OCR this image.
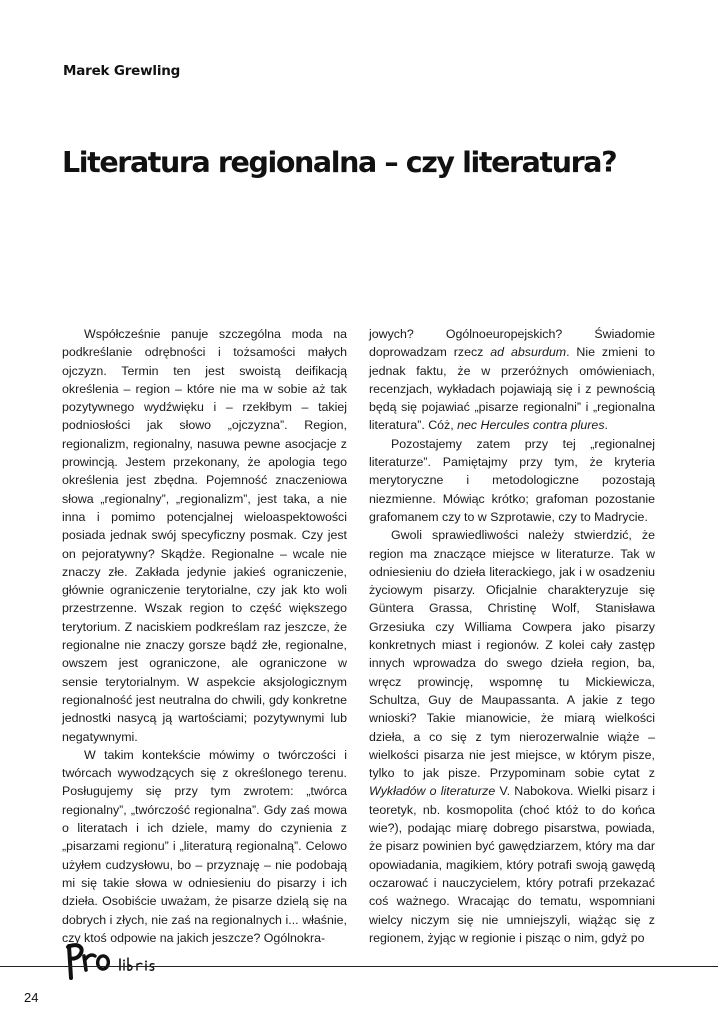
Marek Grewling
Literatura regionalna – czy literatura?

Współcześnie panuje szczególna moda na podkreślanie odrębności i tożsamości małych ojczyzn. Termin ten jest swoistą deifikacją określenia – region – które nie ma w sobie aż tak pozytywnego wydźwięku i – rzekłbym – takiej podniosłości jak słowo „ojczyzna”. Region, regionalizm, regionalny, nasuwa pewne asocjacje z prowincją. Jestem przekonany, że apologia tego określenia jest zbędna. Pojemność znaczeniowa słowa „regionalny”, „regionalizm”, jest taka, a nie inna i pomimo potencjalnej wieloaspektowości posiada jednak swój specyficzny posmak. Czy jest on pejoratywny? Skądże. Regionalne – wcale nie znaczy złe. Zakłada jedynie jakieś ograniczenie, głównie ograniczenie terytorialne, czy jak kto woli przestrzenne. Wszak region to część większego terytorium. Z naciskiem podkreślam raz jeszcze, że regionalne nie znaczy gorsze bądź złe, regionalne, owszem jest ograniczone, ale ograniczone w sensie terytorialnym. W aspekcie aksjologicznym regionalność jest neutralna do chwili, gdy konkretne jednostki nasycą ją wartościami; pozytywnymi lub negatywnymi.

W takim kontekście mówimy o twórczości i twórcach wywodzących się z określonego terenu. Posługujemy się przy tym zwrotem: „twórca regionalny”, „twórczość regionalna”. Gdy zaś mowa o literatach i ich dziele, mamy do czynienia z „pisarzami regionu” i „literaturą regionalną”. Celowo użyłem cudzysłowu, bo – przyznaję – nie podobają mi się takie słowa w odniesieniu do pisarzy i ich dzieła. Osobiście uważam, że pisarze dzielą się na dobrych i złych, nie zaś na regionalnych i... właśnie, czy ktoś odpowie na jakich jeszcze? Ogólnokra-

jowych? Ogólnoeuropejskich? Świadomie doprowadzam rzecz ad absurdum. Nie zmieni to jednak faktu, że w przeróżnych omówieniach, recenzjach, wykładach pojawiają się i z pewnością będą się pojawiać „pisarze regionalni” i „regionalna literatura”. Cóż, nec Hercules contra plures.

Pozostajemy zatem przy tej „regionalnej literaturze”. Pamiętajmy przy tym, że kryteria merytoryczne i metodologiczne pozostają niezmienne. Mówiąc krótko; grafoman pozostanie grafomanem czy to w Szprotawie, czy to Madrycie.

Gwoli sprawiedliwości należy stwierdzić, że region ma znaczące miejsce w literaturze. Tak w odniesieniu do dzieła literackiego, jak i w osadzeniu życiowym pisarzy. Oficjalnie charakteryzuje się Güntera Grassa, Christinę Wolf, Stanisława Grzesiuka czy Williama Cowpera jako pisarzy konkretnych miast i regionów. Z kolei cały zastęp innych wprowadza do swego dzieła region, ba, wręcz prowincję, wspomnę tu Mickiewicza, Schultza, Guy de Maupassanta. A jakie z tego wnioski? Takie mianowicie, że miarą wielkości dzieła, a co się z tym nierozerwalnie wiąże – wielkości pisarza nie jest miejsce, w którym pisze, tylko to jak pisze. Przypominam sobie cytat z Wykładów o literaturze V. Nabokova. Wielki pisarz i teoretyk, nb. kosmopolita (choć któż to do końca wie?), podając miarę dobrego pisarstwa, powiada, że pisarz powinien być gawędziarzem, który ma dar opowiadania, magikiem, który potrafi swoją gawędą oczarować i nauczycielem, który potrafi przekazać coś ważnego. Wracając do tematu, wspomniani wielcy niczym się nie umniejszyli, wiążąc się z regionem, żyjąc w regionie i pisząc o nim, gdyż po

24
